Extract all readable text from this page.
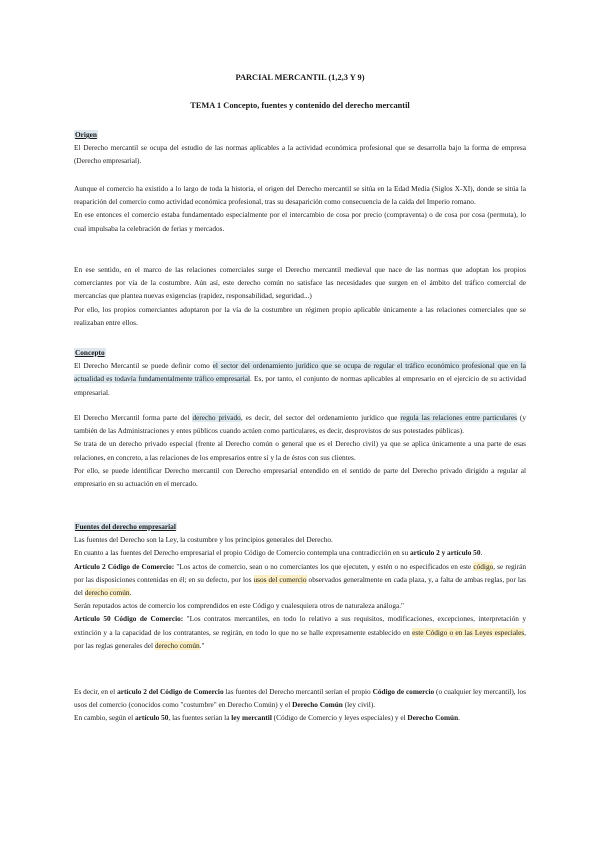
PARCIAL MERCANTIL (1,2,3 Y 9)
TEMA 1 Concepto, fuentes y contenido del derecho mercantil

Origen

El Derecho mercantil se ocupa del estudio de las normas aplicables a la actividad económica profesional que se desarrolla bajo la forma de empresa (Derecho empresarial).

Aunque el comercio ha existido a lo largo de toda la historia, el origen del Derecho mercantil se sitúa en la Edad Media (Siglos X-XI), donde se sitúa la reaparición del comercio como actividad económica profesional, tras su desaparición como consecuencia de la caída del Imperio romano.

En ese entonces el comercio estaba fundamentado especialmente por el intercambio de cosa por precio (compraventa) o de cosa por cosa (permuta), lo cual impulsaba la celebración de ferias y mercados.

En ese sentido, en el marco de las relaciones comerciales surge el Derecho mercantil medieval que nace de las normas que adoptan los propios comerciantes por vía de la costumbre. Aún así, este derecho común no satisface las necesidades que surgen en el ámbito del tráfico comercial de mercancías que plantea nuevas exigencias (rapidez, responsabilidad, seguridad...)

Por ello, los propios comerciantes adoptaron por la vía de la costumbre un régimen propio aplicable únicamente a las relaciones comerciales que se realizaban entre ellos.

Concepto

El Derecho Mercantil se puede definir como el sector del ordenamiento jurídico que se ocupa de regular el tráfico económico profesional que en la actualidad es todavía fundamentalmente tráfico empresarial. Es, por tanto, el conjunto de normas aplicables al empresario en el ejercicio de su actividad empresarial.

El Derecho Mercantil forma parte del derecho privado, es decir, del sector del ordenamiento jurídico que regula las relaciones entre particulares (y también de las Administraciones y entes públicos cuando actúen como particulares, es decir, desprovistos de sus potestades públicas).

Se trata de un derecho privado especial (frente al Derecho común o general que es el Derecho civil) ya que se aplica únicamente a una parte de esas relaciones, en concreto, a las relaciones de los empresarios entre sí y la de éstos con sus clientes.

Por ello, se puede identificar Derecho mercantil con Derecho empresarial entendido en el sentido de parte del Derecho privado dirigido a regular al empresario en su actuación en el mercado.

Fuentes del derecho empresarial

Las fuentes del Derecho son la Ley, la costumbre y los principios generales del Derecho.

En cuanto a las fuentes del Derecho empresarial el propio Código de Comercio contempla una contradicción en su artículo 2 y artículo 50.

Artículo 2 Código de Comercio: "Los actos de comercio, sean o no comerciantes los que ejecuten, y estén o no especificados en este código, se regirán por las disposiciones contenidas en él; en su defecto, por los usos del comercio observados generalmente en cada plaza, y, a falta de ambas reglas, por las del derecho común.

Serán reputados actos de comercio los comprendidos en este Código y cualesquiera otros de naturaleza análoga."

Artículo 50 Código de Comercio: "Los contratos mercantiles, en todo lo relativo a sus requisitos, modificaciones, excepciones, interpretación y extinción y a la capacidad de los contratantes, se regirán, en todo lo que no se halle expresamente establecido en este Código o en las Leyes especiales, por las reglas generales del derecho común."

Es decir, en el artículo 2 del Código de Comercio las fuentes del Derecho mercantil serían el propio Código de comercio (o cualquier ley mercantil), los usos del comercio (conocidos como "costumbre" en Derecho Común) y el Derecho Común (ley civil).

En cambio, según el artículo 50, las fuentes serían la ley mercantil (Código de Comercio y leyes especiales) y el Derecho Común.
